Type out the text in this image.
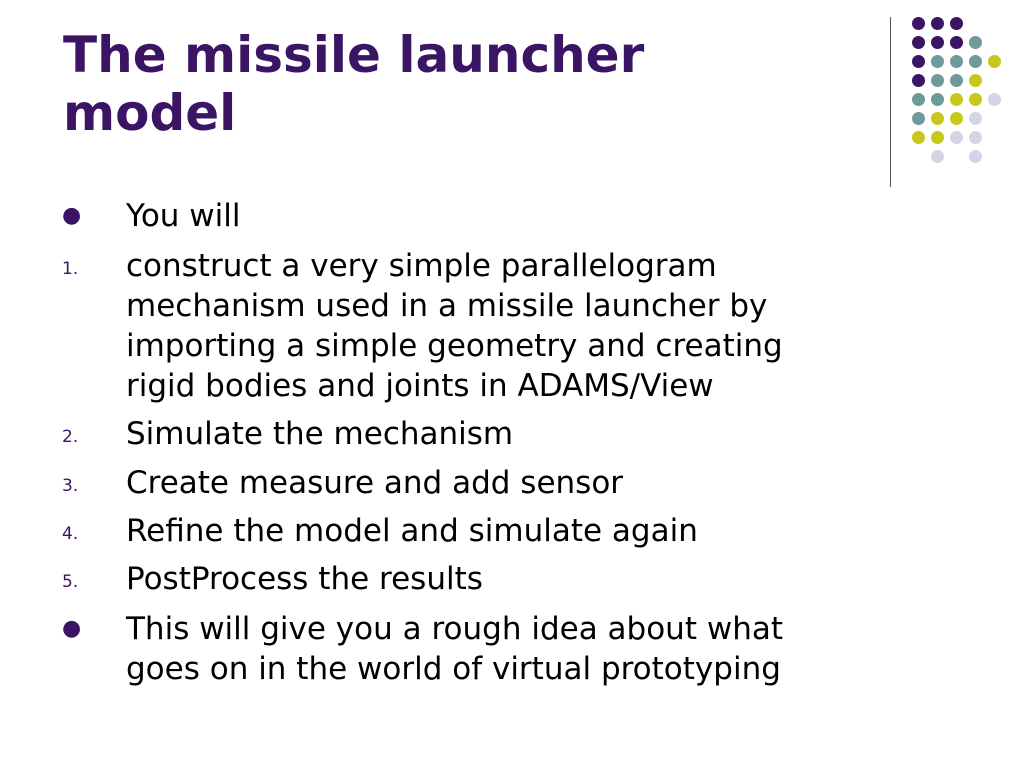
The missile launcher
model
● You will
1. construct a very simple parallelogram
mechanism used in a missile launcher by
importing a simple geometry and creating
rigid bodies and joints in ADAMS/View
2. Simulate the mechanism
3. Create measure and add sensor
4. Refine the model and simulate again
5. PostProcess the results
● This will give you a rough idea about what
goes on in the world of virtual prototyping
